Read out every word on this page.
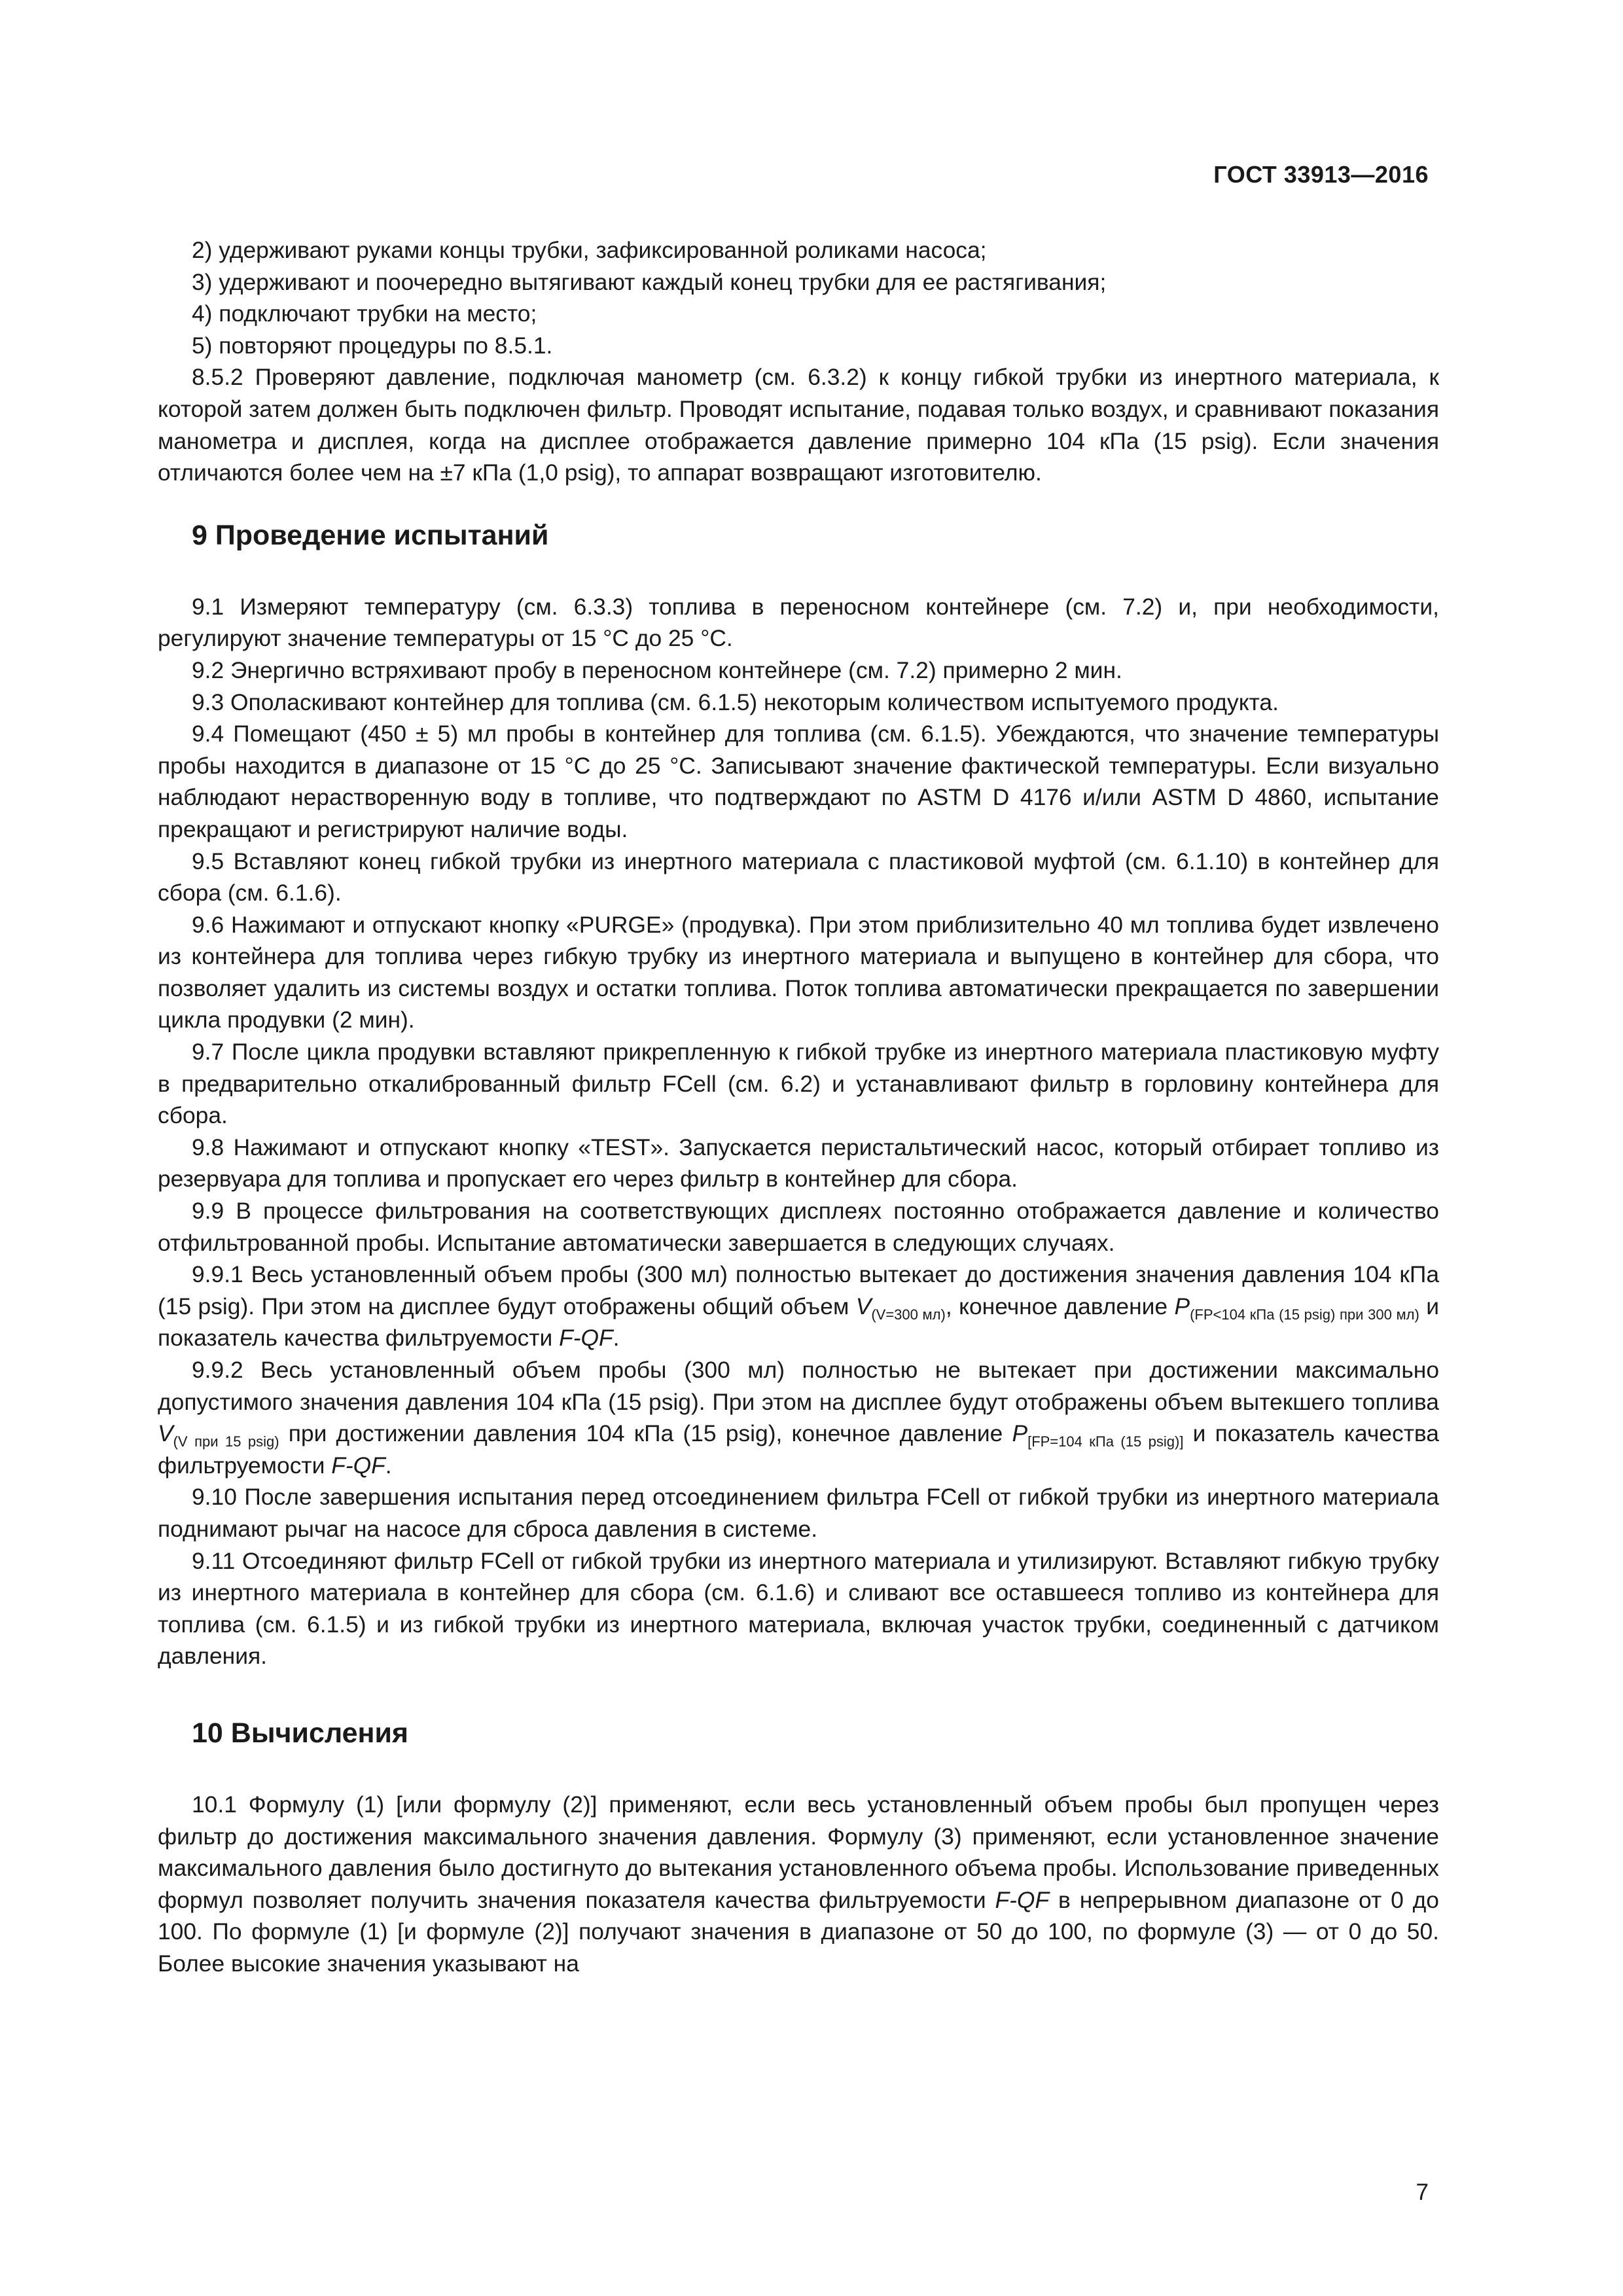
ГОСТ 33913—2016

2) удерживают руками концы трубки, зафиксированной роликами насоса;

3) удерживают и поочередно вытягивают каждый конец трубки для ее растягивания;

4) подключают трубки на место;

5) повторяют процедуры по 8.5.1.

8.5.2 Проверяют давление, подключая манометр (см. 6.3.2) к концу гибкой трубки из инертного материала, к которой затем должен быть подключен фильтр. Проводят испытание, подавая только воздух, и сравнивают показания манометра и дисплея, когда на дисплее отображается давление примерно 104 кПа (15 psig). Если значения отличаются более чем на ±7 кПа (1,0 psig), то аппарат возвращают изготовителю.

9 Проведение испытаний

9.1 Измеряют температуру (см. 6.3.3) топлива в переносном контейнере (см. 7.2) и, при необходимости, регулируют значение температуры от 15 °С до 25 °С.

9.2 Энергично встряхивают пробу в переносном контейнере (см. 7.2) примерно 2 мин.

9.3 Ополаскивают контейнер для топлива (см. 6.1.5) некоторым количеством испытуемого продукта.

9.4 Помещают (450 ± 5) мл пробы в контейнер для топлива (см. 6.1.5). Убеждаются, что значение температуры пробы находится в диапазоне от 15 °С до 25 °С. Записывают значение фактической температуры. Если визуально наблюдают нерастворенную воду в топливе, что подтверждают по ASTM D 4176 и/или ASTM D 4860, испытание прекращают и регистрируют наличие воды.

9.5 Вставляют конец гибкой трубки из инертного материала с пластиковой муфтой (см. 6.1.10) в контейнер для сбора (см. 6.1.6).

9.6 Нажимают и отпускают кнопку «PURGE» (продувка). При этом приблизительно 40 мл топлива будет извлечено из контейнера для топлива через гибкую трубку из инертного материала и выпущено в контейнер для сбора, что позволяет удалить из системы воздух и остатки топлива. Поток топлива автоматически прекращается по завершении цикла продувки (2 мин).

9.7 После цикла продувки вставляют прикрепленную к гибкой трубке из инертного материала пластиковую муфту в предварительно откалиброванный фильтр FCell (см. 6.2) и устанавливают фильтр в горловину контейнера для сбора.

9.8 Нажимают и отпускают кнопку «TEST». Запускается перистальтический насос, который отбирает топливо из резервуара для топлива и пропускает его через фильтр в контейнер для сбора.

9.9 В процессе фильтрования на соответствующих дисплеях постоянно отображается давление и количество отфильтрованной пробы. Испытание автоматически завершается в следующих случаях.

9.9.1 Весь установленный объем пробы (300 мл) полностью вытекает до достижения значения давления 104 кПа (15 psig). При этом на дисплее будут отображены общий объем $V_{(V=300 мл)}$, конечное давление $P_{(FP<104 кПа (15 psig) при 300 мл)}$ и показатель качества фильтруемости F-QF.

9.9.2 Весь установленный объем пробы (300 мл) полностью не вытекает при достижении максимально допустимого значения давления 104 кПа (15 psig). При этом на дисплее будут отображены объем вытекшего топлива $V_{(V при 15 psig)}$ при достижении давления 104 кПа (15 psig), конечное давление $P_{[FP=104 кПа (15 psig)]}$ и показатель качества фильтруемости F-QF.

9.10 После завершения испытания перед отсоединением фильтра FCell от гибкой трубки из инертного материала поднимают рычаг на насосе для сброса давления в системе.

9.11 Отсоединяют фильтр FCell от гибкой трубки из инертного материала и утилизируют. Вставляют гибкую трубку из инертного материала в контейнер для сбора (см. 6.1.6) и сливают все оставшееся топливо из контейнера для топлива (см. 6.1.5) и из гибкой трубки из инертного материала, включая участок трубки, соединенный с датчиком давления.

10 Вычисления

10.1 Формулу (1) [или формулу (2)] применяют, если весь установленный объем пробы был пропущен через фильтр до достижения максимального значения давления. Формулу (3) применяют, если установленное значение максимального давления было достигнуто до вытекания установленного объема пробы. Использование приведенных формул позволяет получить значения показателя качества фильтруемости F-QF в непрерывном диапазоне от 0 до 100. По формуле (1) [и формуле (2)] получают значения в диапазоне от 50 до 100, по формуле (3) — от 0 до 50. Более высокие значения указывают на

7
